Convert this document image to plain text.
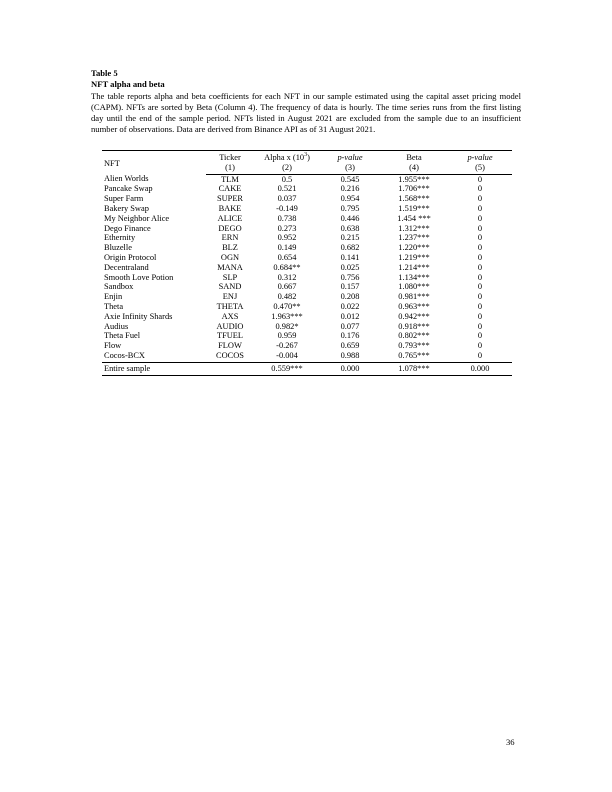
Table 5
NFT alpha and beta
The table reports alpha and beta coefficients for each NFT in our sample estimated using the capital asset pricing model (CAPM). NFTs are sorted by Beta (Column 4). The frequency of data is hourly. The time series runs from the first listing day until the end of the sample period. NFTs listed in August 2021 are excluded from the sample due to an insufficient number of observations. Data are derived from Binance API as of 31 August 2021.
NFT	Ticker	Alpha x $(10^3)$	p-value	Beta	p-value
	(1)	(2)	(3)	(4)	(5)
Alien Worlds	TLM	0.5	0.545	1.955***	0
Pancake Swap	CAKE	0.521	0.216	1.706***	0
Super Farm	SUPER	0.037	0.954	1.568***	0
Bakery Swap	BAKE	-0.149	0.795	1.519***	0
My Neighbor Alice	ALICE	0.738	0.446	1.454 ***	0
Dego Finance	DEGO	0.273	0.638	1.312***	0
Ethernity	ERN	0.952	0.215	1.237***	0
Bluzelle	BLZ	0.149	0.682	1.220***	0
Origin Protocol	OGN	0.654	0.141	1.219***	0
Decentraland	MANA	0.684**	0.025	1.214***	0
Smooth Love Potion	SLP	0.312	0.756	1.134***	0
Sandbox	SAND	0.667	0.157	1.080***	0
Enjin	ENJ	0.482	0.208	0.981***	0
Theta	THETA	0.470**	0.022	0.963***	0
Axie Infinity Shards	AXS	1.963***	0.012	0.942***	0
Audius	AUDIO	0.982*	0.077	0.918***	0
Theta Fuel	TFUEL	0.959	0.176	0.802***	0
Flow	FLOW	-0.267	0.659	0.793***	0
Cocos-BCX	COCOS	-0.004	0.988	0.765***	0
Entire sample		0.559***	0.000	1.078***	0.000
36
